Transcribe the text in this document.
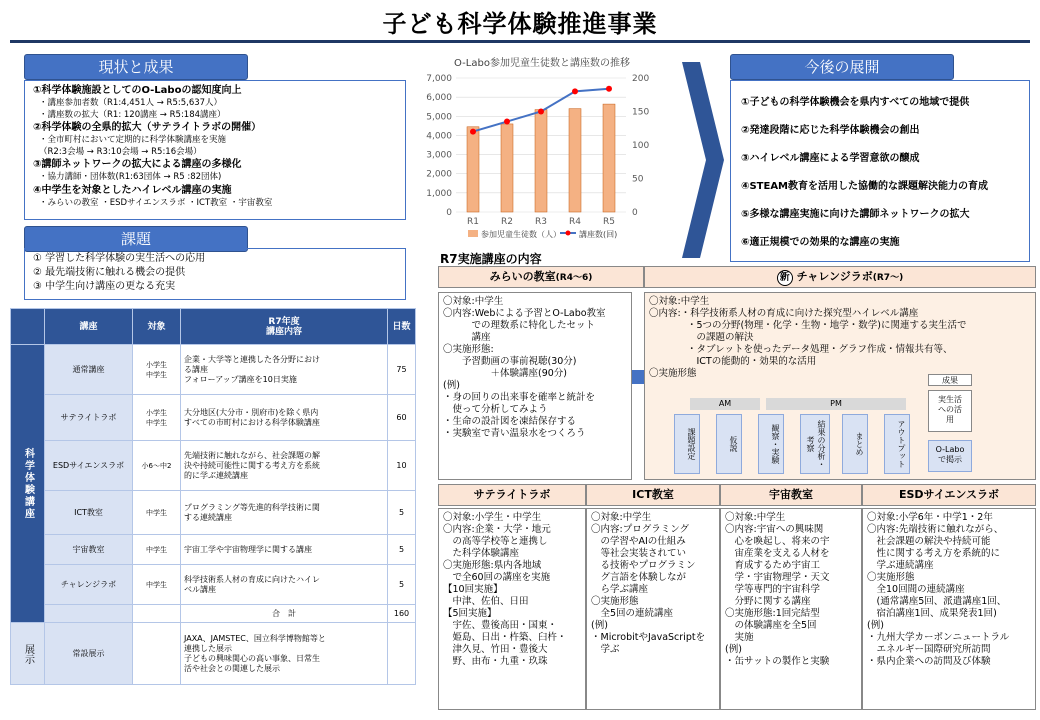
子ども科学体験推進事業
現状と成果
①科学体験施設としてのO-Laboの認知度向上
・講座参加者数（R1:4,451人 → R5:5,637人）
・講座数の拡大（R1: 120講座 → R5:184講座）
②科学体験の全県的拡大（サテライトラボの開催）
・全市町村において定期的に科学体験講座を実施
（R2:3会場 → R3:10会場 → R5:16会場）
③講師ネットワークの拡大による講座の多様化
・協力講師・団体数(R1:63団体 → R5 :82団体)
④中学生を対象としたハイレベル講座の実施
・みらいの教室 ・ESDサイエンスラボ ・ICT教室 ・宇宙教室
課題
① 学習した科学体験の実生活への応用
② 最先端技術に触れる機会の提供
③ 中学生向け講座の更なる充実
O-Labo参加児童生徒数と講座数の推移
0
1,000
2,000
3,000
4,000
5,000
6,000
7,000
0
50
100
150
200
R1 R2 R3 R4 R5
参加児童生徒数（人） 講座数(回)
今後の展開
①子どもの科学体験機会を県内すべての地域で提供
②発達段階に応じた科学体験機会の創出
③ハイレベル講座による学習意欲の醸成
④STEAM教育を活用した協働的な課題解決能力の育成
⑤多様な講座実施に向けた講師ネットワークの拡大
⑥適正規模での効果的な講座の実施
R7実施講座の内容
みらいの教室(R4～6)
〇対象:中学生
〇内容:Webによる予習とO-Labo教室
　　　での理数系に特化したセット
　　　講座
〇実施形態:
　　予習動画の事前視聴(30分)
　　　　　＋体験講座(90分)
(例)
・身の回りの出来事を確率と統計を
　使って分析してみよう
・生命の設計図を凍結保存する
・実験室で青い温泉水をつくろう
新 チャレンジラボ(R7～)
〇対象:中学生
〇内容:・科学技術系人材の育成に向けた探究型ハイレベル講座
　　　　・5つの分野(物理・化学・生物・地学・数学)に関連する実生活で
　　　　　の課題の解決
　　　　・タブレットを使ったデータ処理・グラフ作成・情報共有等、
　　　　　ICTの能動的・効果的な活用
〇実施形態
AM	PM
成果
課題設定	仮説	観察・実験	結果の分析・考察	まとめ	アウトプット
実生活への活用
O-Laboで掲示
サテライトラボ
〇対象:小学生・中学生
〇内容:企業・大学・地元
　の高等学校等と連携し
　た科学体験講座
〇実施形態:県内各地域
　で全60回の講座を実施
【10回実施】
　中津、佐伯、日田
【5回実施】
　宇佐、豊後高田・国東・
　姫島、日出・杵築、臼杵・
　津久見、竹田・豊後大
　野、由布・九重・玖珠
ICT教室
〇対象:中学生
〇内容:プログラミング
　の学習やAIの仕組み
　等社会実装されてい
　る技術やプログラミン
　グ言語を体験しなが
　ら学ぶ講座
〇実施形態
　全5回の連続講座
(例)
・MicrobitやJavaScriptを
　学ぶ
宇宙教室
〇対象:中学生
〇内容:宇宙への興味関
　心を喚起し、将来の宇
　宙産業を支える人材を
　育成するため宇宙工
　学・宇宙物理学・天文
　学等専門的宇宙科学
　分野に関する講座
〇実施形態:1回完結型
　の体験講座を全5回
　実施
(例)
・缶サットの製作と実験
ESDサイエンスラボ
〇対象:小学6年・中学1・2年
〇内容:先端技術に触れながら、
　社会課題の解決や持続可能
　性に関する考え方を系統的に
　学ぶ連続講座
〇実施形態
　全10回間の連続講座
　(通常講座5回、派遣講座1回、
　宿泊講座1回、成果発表1回)
(例)
・九州大学カーボンニュートラル
　エネルギー国際研究所訪問
・県内企業への訪問及び体験
	講座	対象	R7年度
講座内容	日数
科学体験講座	通常講座	小学生
中学生	企業・大学等と連携した各分野におけ
る講座
フォローアップ講座を10日実施	75
	サテライトラボ	小学生
中学生	大分地区(大分市・別府市)を除く県内
すべての市町村における科学体験講座	60
	ESDサイエンスラボ	小6～中2	先端技術に触れながら、社会課題の解
決や持続可能性に関する考え方を系統
的に学ぶ連続講座	10
	ICT教室	中学生	プログラミング等先進的科学技術に関
する連続講座	5
	宇宙教室	中学生	宇宙工学や宇宙物理学に関する講座	5
	チャレンジラボ	中学生	科学技術系人材の育成に向けたハイレ
ベル講座	5
			合　計	160
展示	常設展示		JAXA、JAMSTEC、国立科学博物館等と
連携した展示
子どもの興味関心の高い事象、日常生
活や社会との関連した展示	
